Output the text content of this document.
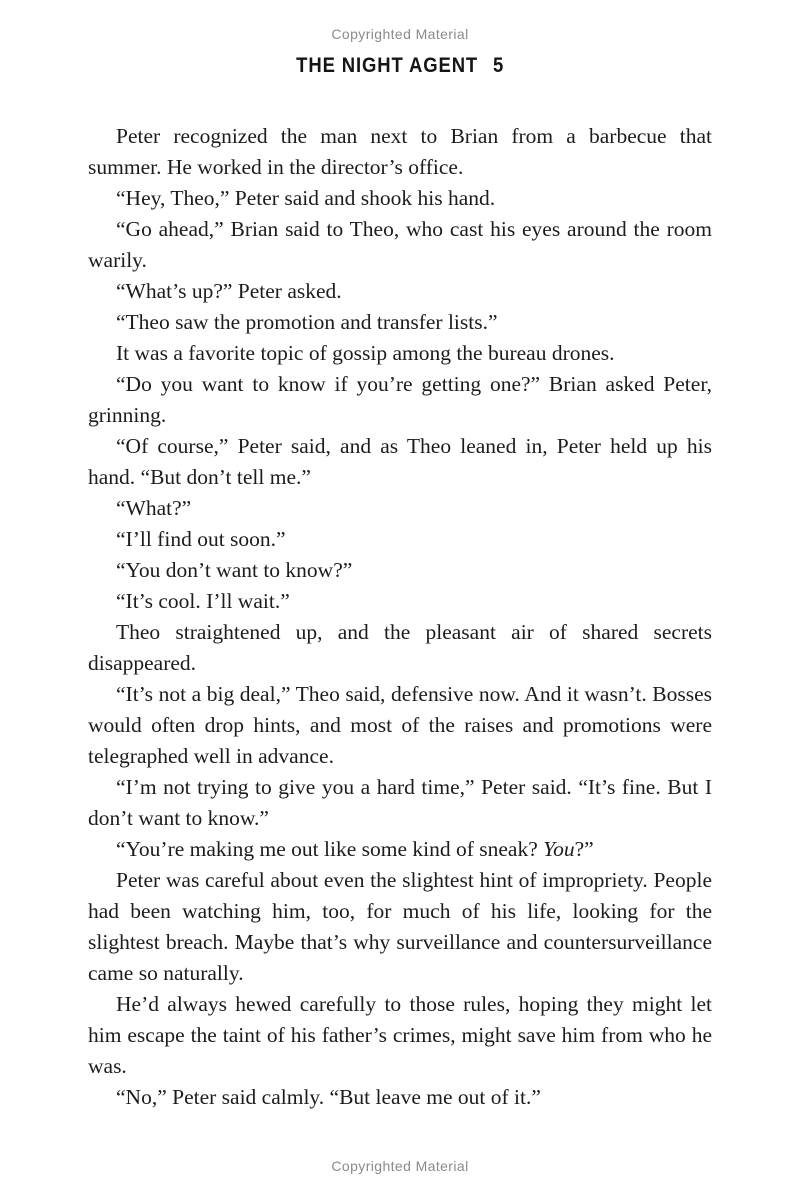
Copyrighted Material
THE NIGHT AGENT 5

Peter recognized the man next to Brian from a barbecue that summer. He worked in the director’s office.

“Hey, Theo,” Peter said and shook his hand.

“Go ahead,” Brian said to Theo, who cast his eyes around the room warily.

“What’s up?” Peter asked.

“Theo saw the promotion and transfer lists.”

It was a favorite topic of gossip among the bureau drones.

“Do you want to know if you’re getting one?” Brian asked Peter, grinning.

“Of course,” Peter said, and as Theo leaned in, Peter held up his hand. “But don’t tell me.”

“What?”

“I’ll find out soon.”

“You don’t want to know?”

“It’s cool. I’ll wait.”

Theo straightened up, and the pleasant air of shared secrets disappeared.

“It’s not a big deal,” Theo said, defensive now. And it wasn’t. Bosses would often drop hints, and most of the raises and promotions were telegraphed well in advance.

“I’m not trying to give you a hard time,” Peter said. “It’s fine. But I don’t want to know.”

“You’re making me out like some kind of sneak? You?”

Peter was careful about even the slightest hint of impropriety. People had been watching him, too, for much of his life, looking for the slightest breach. Maybe that’s why surveillance and countersurveillance came so naturally.

He’d always hewed carefully to those rules, hoping they might let him escape the taint of his father’s crimes, might save him from who he was.

“No,” Peter said calmly. “But leave me out of it.”

Copyrighted Material
